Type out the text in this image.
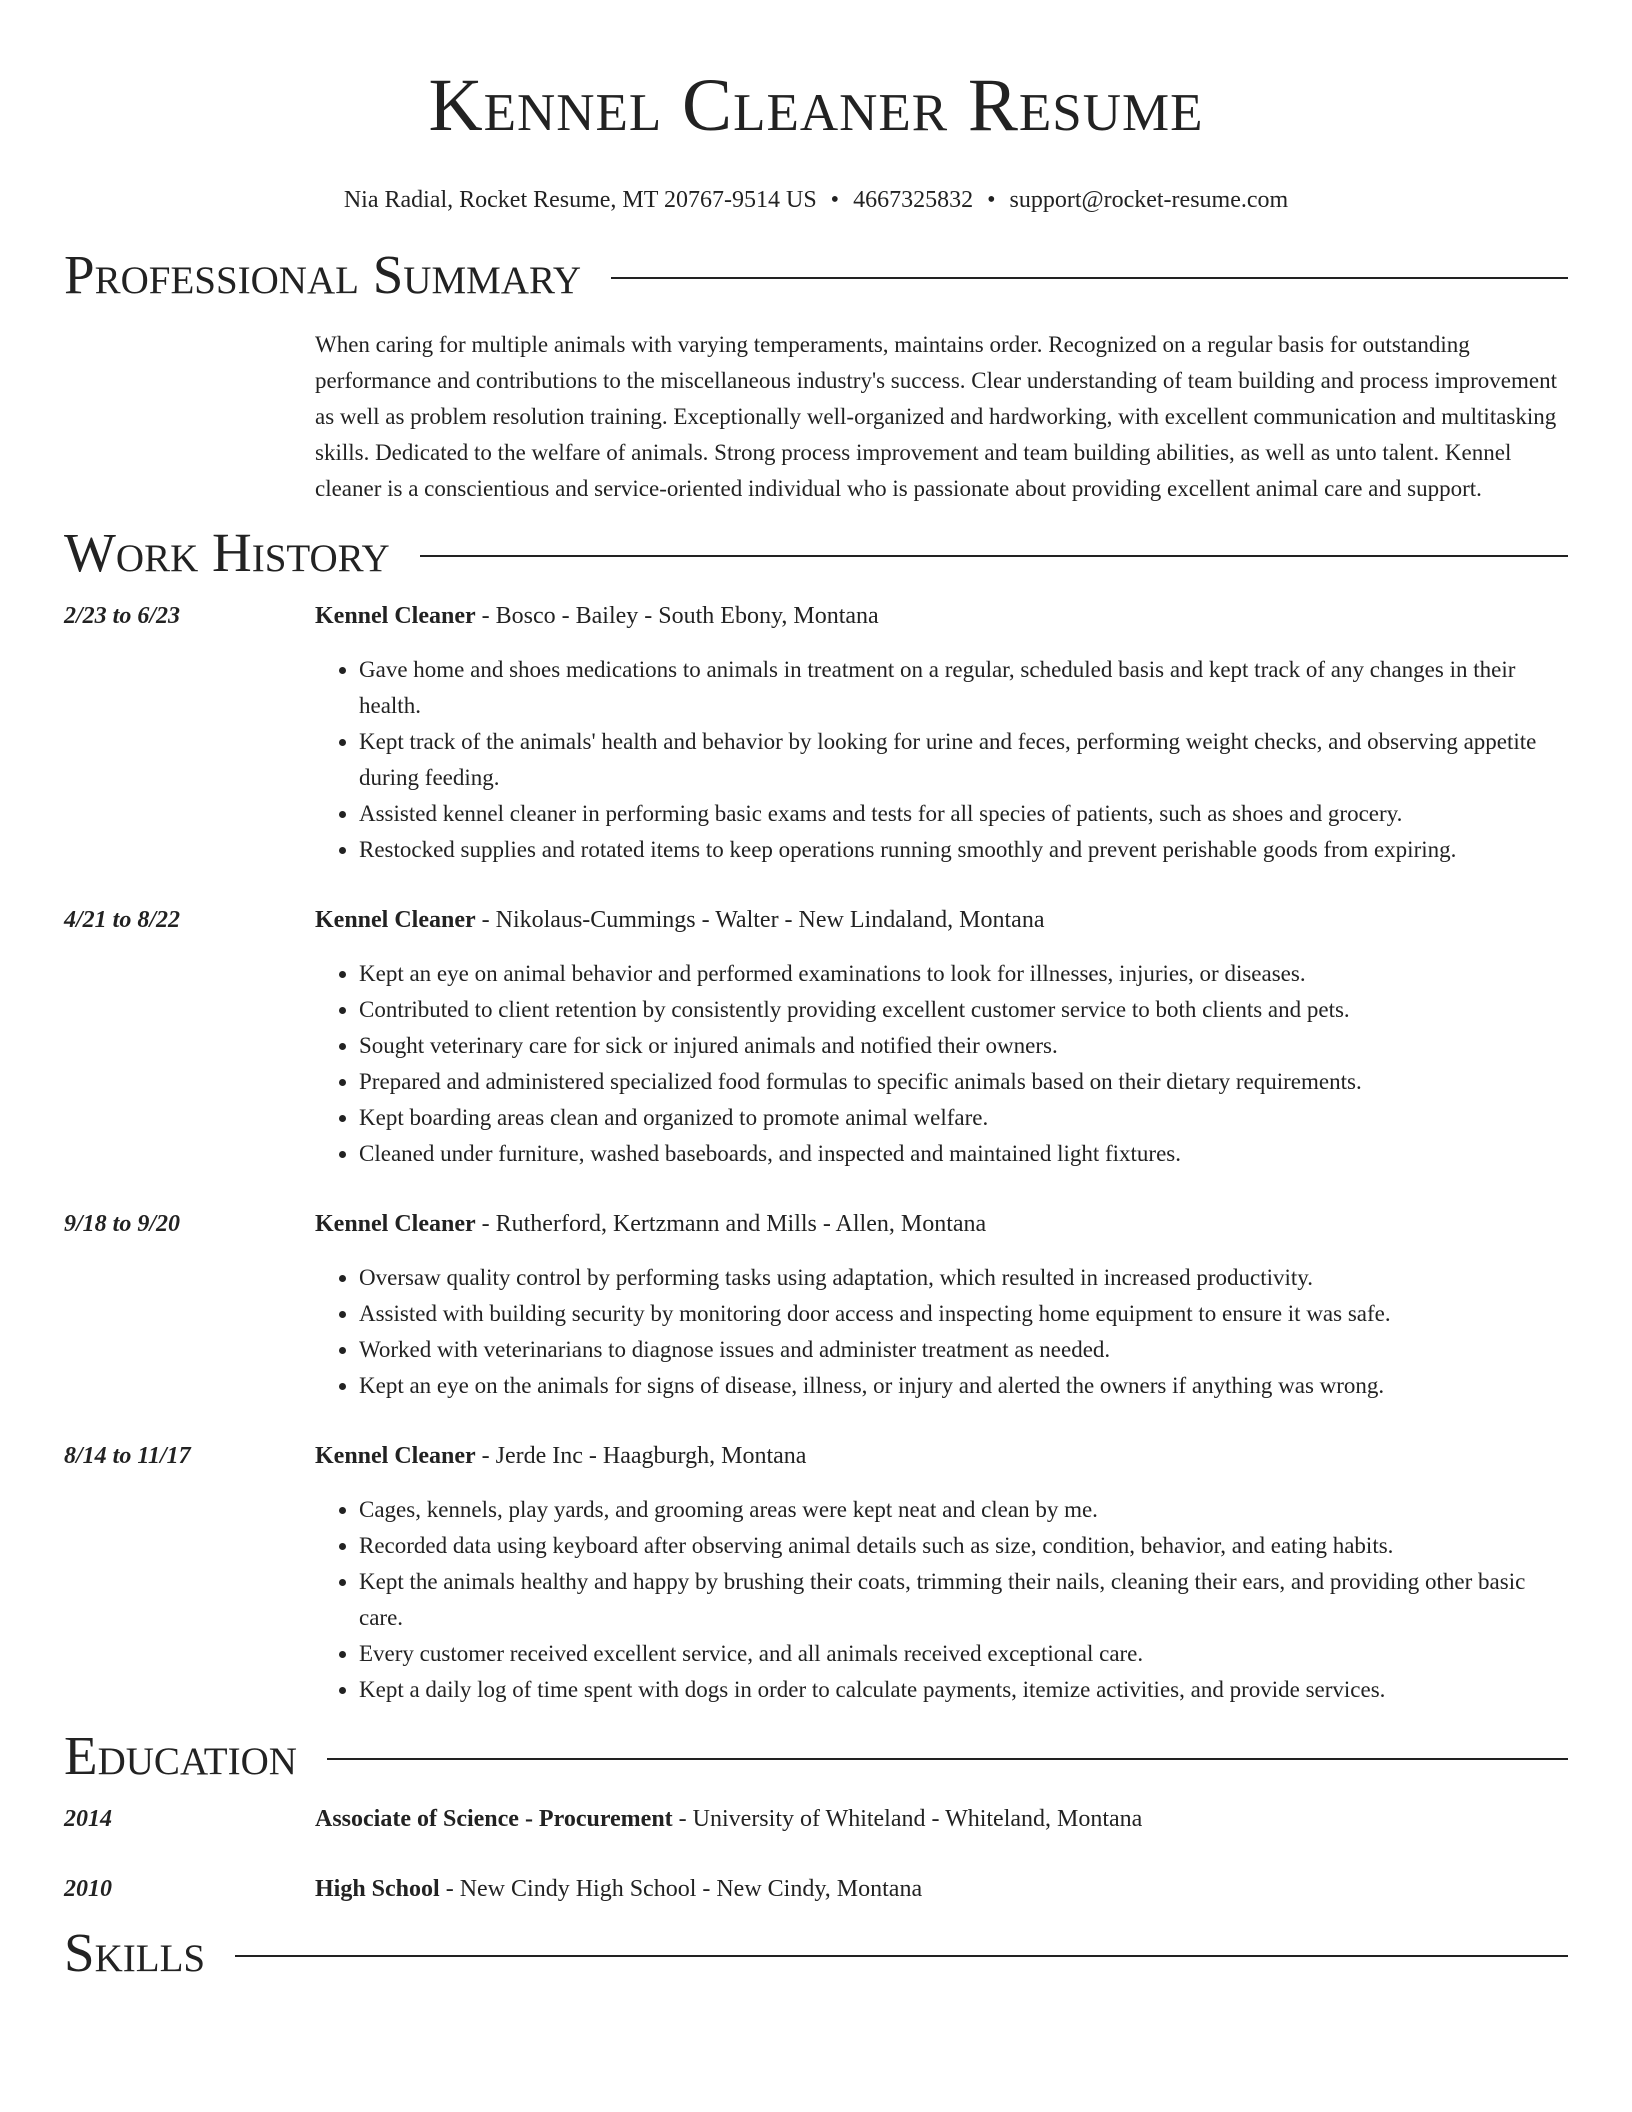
Kennel Cleaner Resume
Nia Radial, Rocket Resume, MT 20767-9514 US • 4667325832 • support@rocket-resume.com
Professional Summary

When caring for multiple animals with varying temperaments, maintains order. Recognized on a regular basis for outstanding performance and contributions to the miscellaneous industry's success. Clear understanding of team building and process improvement as well as problem resolution training. Exceptionally well-organized and hardworking, with excellent communication and multitasking skills. Dedicated to the welfare of animals. Strong process improvement and team building abilities, as well as unto talent. Kennel cleaner is a conscientious and service-oriented individual who is passionate about providing excellent animal care and support.

Work History
2/23 to 6/23	Kennel Cleaner - Bosco - Bailey - South Ebony, Montana
• Gave home and shoes medications to animals in treatment on a regular, scheduled basis and kept track of any changes in their health.
• Kept track of the animals' health and behavior by looking for urine and feces, performing weight checks, and observing appetite during feeding.
• Assisted kennel cleaner in performing basic exams and tests for all species of patients, such as shoes and grocery.
• Restocked supplies and rotated items to keep operations running smoothly and prevent perishable goods from expiring.
4/21 to 8/22	Kennel Cleaner - Nikolaus-Cummings - Walter - New Lindaland, Montana
• Kept an eye on animal behavior and performed examinations to look for illnesses, injuries, or diseases.
• Contributed to client retention by consistently providing excellent customer service to both clients and pets.
• Sought veterinary care for sick or injured animals and notified their owners.
• Prepared and administered specialized food formulas to specific animals based on their dietary requirements.
• Kept boarding areas clean and organized to promote animal welfare.
• Cleaned under furniture, washed baseboards, and inspected and maintained light fixtures.
9/18 to 9/20	Kennel Cleaner - Rutherford, Kertzmann and Mills - Allen, Montana
• Oversaw quality control by performing tasks using adaptation, which resulted in increased productivity.
• Assisted with building security by monitoring door access and inspecting home equipment to ensure it was safe.
• Worked with veterinarians to diagnose issues and administer treatment as needed.
• Kept an eye on the animals for signs of disease, illness, or injury and alerted the owners if anything was wrong.
8/14 to 11/17	Kennel Cleaner - Jerde Inc - Haagburgh, Montana
• Cages, kennels, play yards, and grooming areas were kept neat and clean by me.
• Recorded data using keyboard after observing animal details such as size, condition, behavior, and eating habits.
• Kept the animals healthy and happy by brushing their coats, trimming their nails, cleaning their ears, and providing other basic care.
• Every customer received excellent service, and all animals received exceptional care.
• Kept a daily log of time spent with dogs in order to calculate payments, itemize activities, and provide services.
Education
2014	Associate of Science - Procurement - University of Whiteland - Whiteland, Montana
2010	High School - New Cindy High School - New Cindy, Montana
Skills
